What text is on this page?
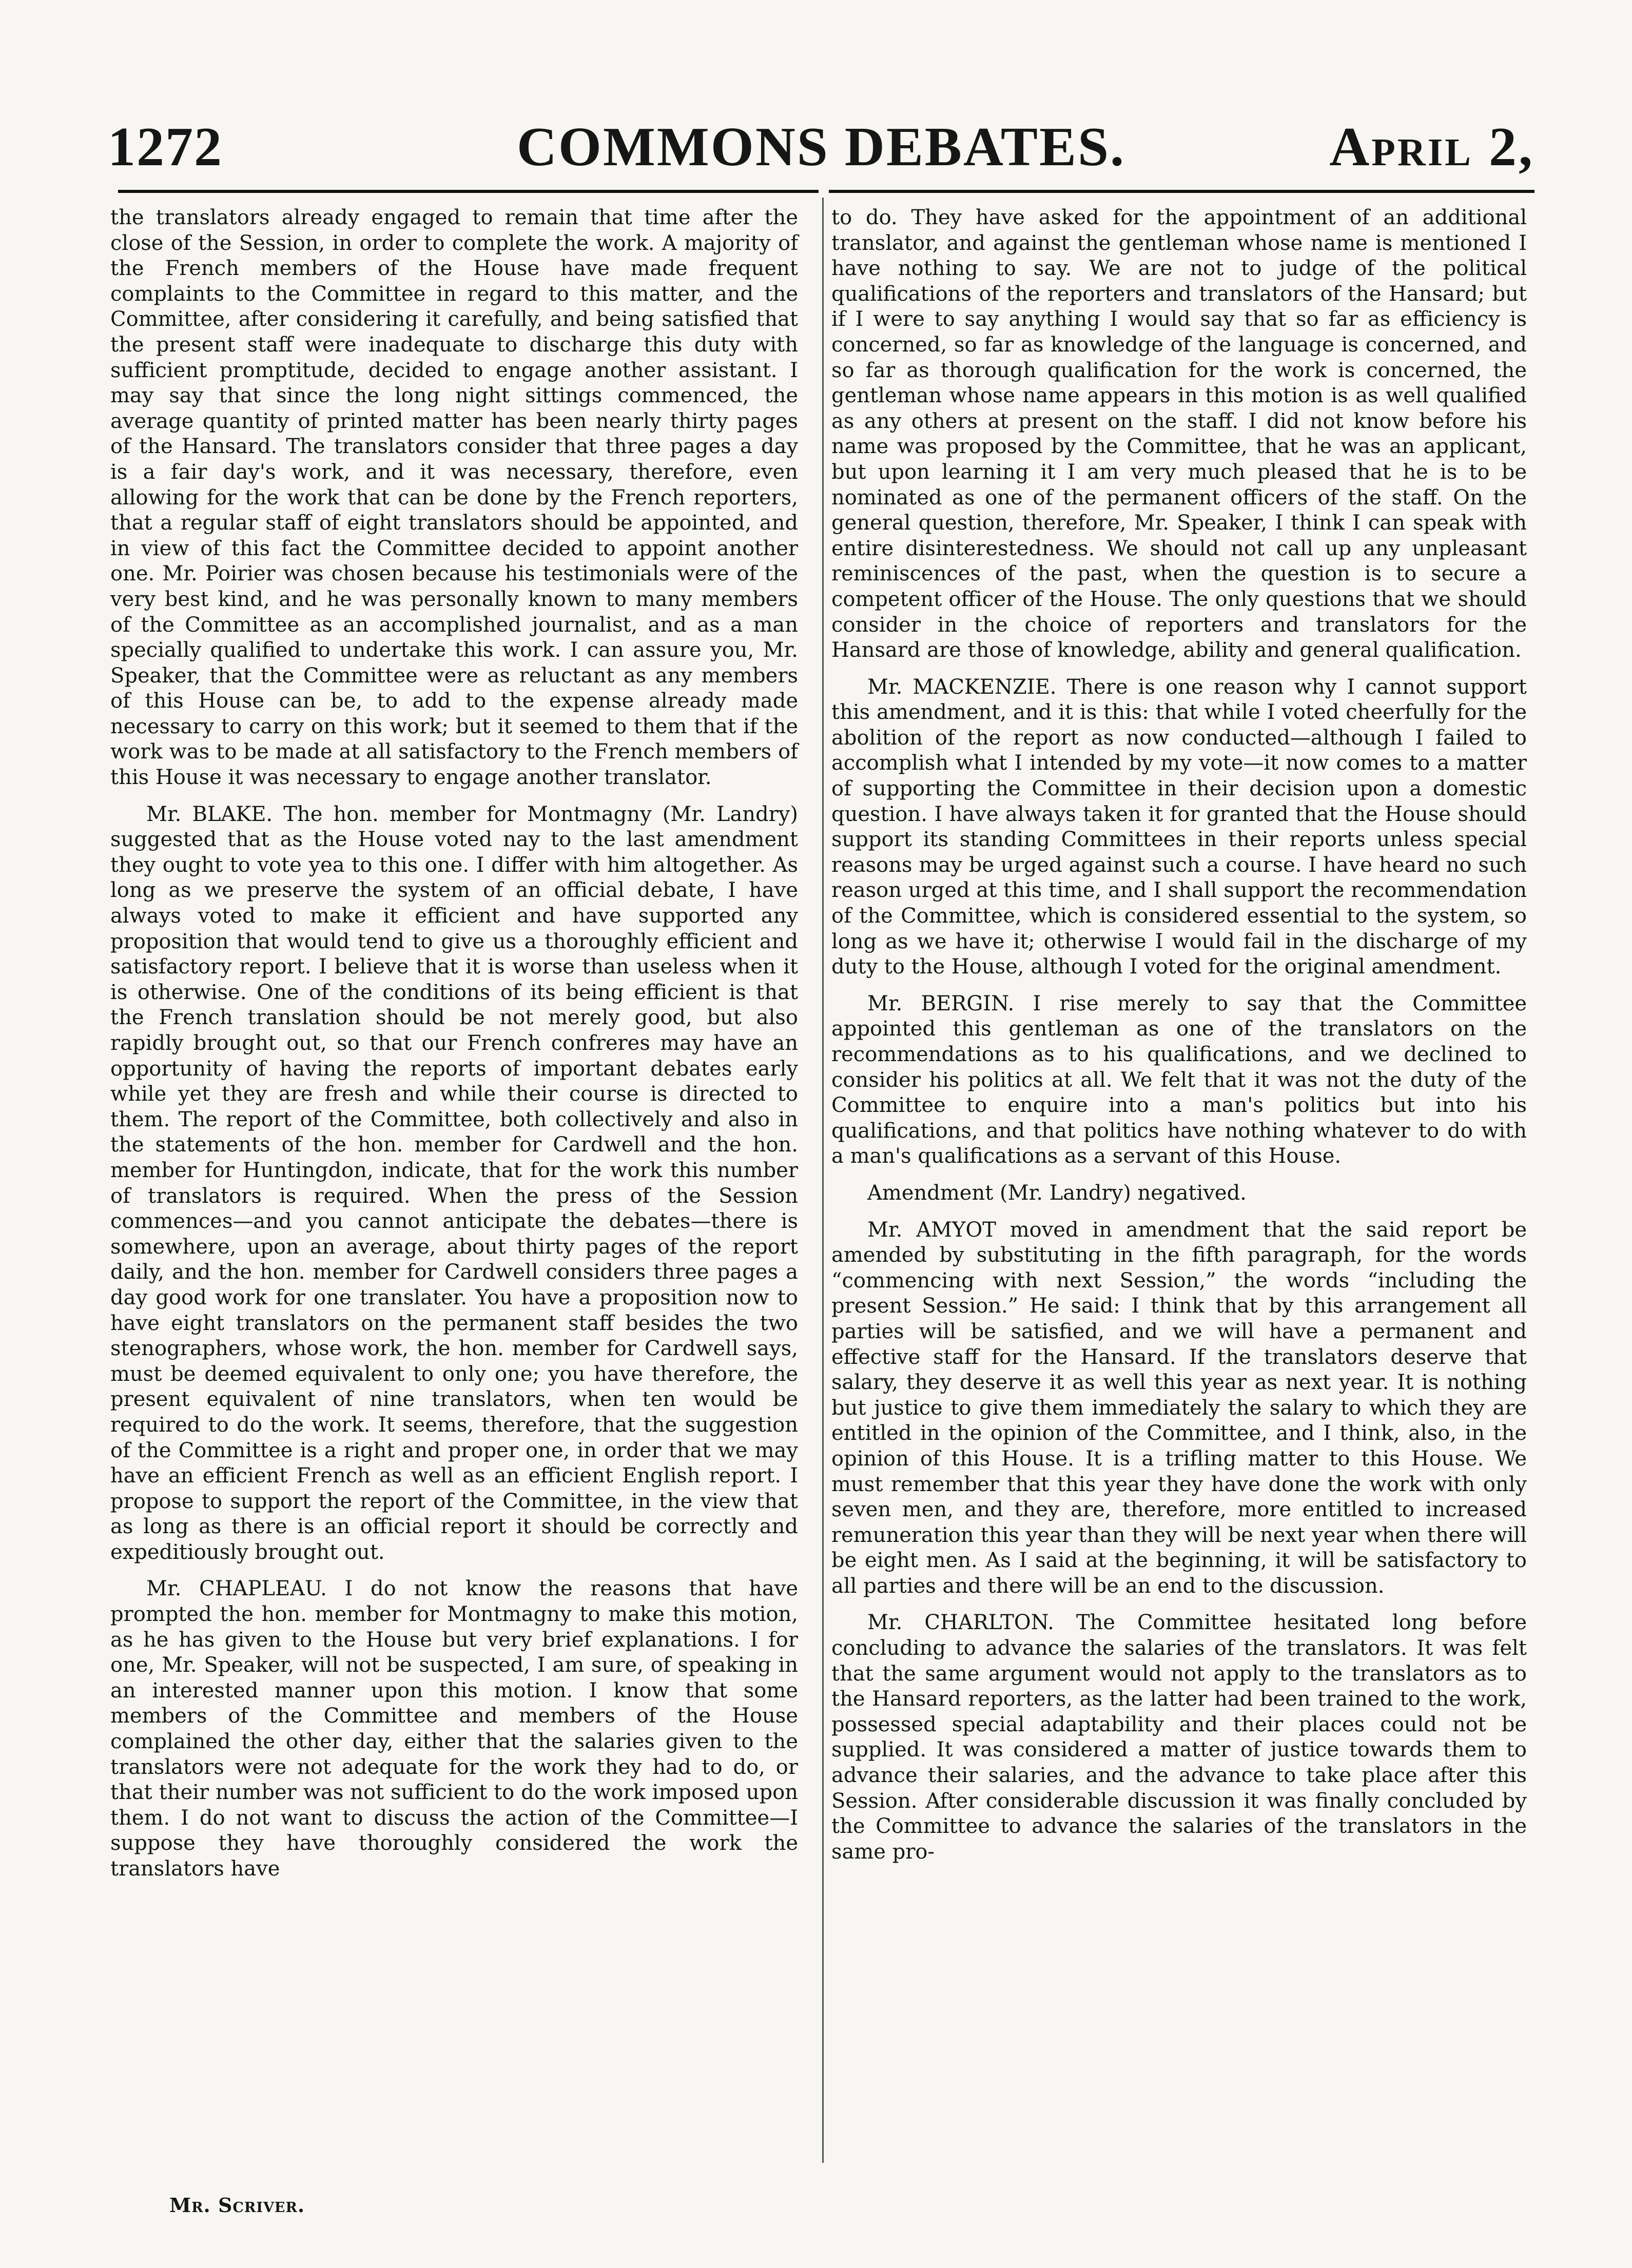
1272	COMMONS DEBATES.	April 2,

the translators already engaged to remain that time after the close of the Session, in order to complete the work. A majority of the French members of the House have made frequent complaints to the Committee in regard to this matter, and the Committee, after considering it carefully, and being satisfied that the present staff were inadequate to discharge this duty with sufficient promptitude, decided to engage another assistant. I may say that since the long night sittings commenced, the average quantity of printed matter has been nearly thirty pages of the Hansard. The translators consider that three pages a day is a fair day's work, and it was necessary, therefore, even allowing for the work that can be done by the French reporters, that a regular staff of eight translators should be appointed, and in view of this fact the Committee decided to appoint another one. Mr. Poirier was chosen because his testimonials were of the very best kind, and he was personally known to many members of the Committee as an accomplished journalist, and as a man specially qualified to undertake this work. I can assure you, Mr. Speaker, that the Committee were as reluctant as any members of this House can be, to add to the expense already made necessary to carry on this work; but it seemed to them that if the work was to be made at all satisfactory to the French members of this House it was necessary to engage another translator.

Mr. BLAKE. The hon. member for Montmagny (Mr. Landry) suggested that as the House voted nay to the last amendment they ought to vote yea to this one. I differ with him altogether. As long as we preserve the system of an official debate, I have always voted to make it efficient and have supported any proposition that would tend to give us a thoroughly efficient and satisfactory report. I believe that it is worse than useless when it is otherwise. One of the conditions of its being efficient is that the French translation should be not merely good, but also rapidly brought out, so that our French confreres may have an opportunity of having the reports of important debates early while yet they are fresh and while their course is directed to them. The report of the Committee, both collectively and also in the statements of the hon. member for Cardwell and the hon. member for Huntingdon, indicate, that for the work this number of translators is required. When the press of the Session commences—and you cannot anticipate the debates—there is somewhere, upon an average, about thirty pages of the report daily, and the hon. member for Cardwell considers three pages a day good work for one translater. You have a proposition now to have eight translators on the permanent staff besides the two stenographers, whose work, the hon. member for Cardwell says, must be deemed equivalent to only one; you have therefore, the present equivalent of nine translators, when ten would be required to do the work. It seems, therefore, that the suggestion of the Committee is a right and proper one, in order that we may have an efficient French as well as an efficient English report. I propose to support the report of the Committee, in the view that as long as there is an official report it should be correctly and expeditiously brought out.

Mr. CHAPLEAU. I do not know the reasons that have prompted the hon. member for Montmagny to make this motion, as he has given to the House but very brief explanations. I for one, Mr. Speaker, will not be suspected, I am sure, of speaking in an interested manner upon this motion. I know that some members of the Committee and members of the House complained the other day, either that the salaries given to the translators were not adequate for the work they had to do, or that their number was not sufficient to do the work imposed upon them. I do not want to discuss the action of the Committee—I suppose they have thoroughly considered the work the translators have

to do. They have asked for the appointment of an additional translator, and against the gentleman whose name is mentioned I have nothing to say. We are not to judge of the political qualifications of the reporters and translators of the Hansard; but if I were to say anything I would say that so far as efficiency is concerned, so far as knowledge of the language is concerned, and so far as thorough qualification for the work is concerned, the gentleman whose name appears in this motion is as well qualified as any others at present on the staff. I did not know before his name was proposed by the Committee, that he was an applicant, but upon learning it I am very much pleased that he is to be nominated as one of the permanent officers of the staff. On the general question, therefore, Mr. Speaker, I think I can speak with entire disinterestedness. We should not call up any unpleasant reminiscences of the past, when the question is to secure a competent officer of the House. The only questions that we should consider in the choice of reporters and translators for the Hansard are those of knowledge, ability and general qualification.

Mr. MACKENZIE. There is one reason why I cannot support this amendment, and it is this: that while I voted cheerfully for the abolition of the report as now conducted—although I failed to accomplish what I intended by my vote—it now comes to a matter of supporting the Committee in their decision upon a domestic question. I have always taken it for granted that the House should support its standing Committees in their reports unless special reasons may be urged against such a course. I have heard no such reason urged at this time, and I shall support the recommendation of the Committee, which is considered essential to the system, so long as we have it; otherwise I would fail in the discharge of my duty to the House, although I voted for the original amendment.

Mr. BERGIN. I rise merely to say that the Committee appointed this gentleman as one of the translators on the recommendations as to his qualifications, and we declined to consider his politics at all. We felt that it was not the duty of the Committee to enquire into a man's politics but into his qualifications, and that politics have nothing whatever to do with a man's qualifications as a servant of this House.

Amendment (Mr. Landry) negatived.

Mr. AMYOT moved in amendment that the said report be amended by substituting in the fifth paragraph, for the words “commencing with next Session,” the words “including the present Session.” He said: I think that by this arrangement all parties will be satisfied, and we will have a permanent and effective staff for the Hansard. If the translators deserve that salary, they deserve it as well this year as next year. It is nothing but justice to give them immediately the salary to which they are entitled in the opinion of the Committee, and I think, also, in the opinion of this House. It is a trifling matter to this House. We must remember that this year they have done the work with only seven men, and they are, therefore, more entitled to increased remuneration this year than they will be next year when there will be eight men. As I said at the beginning, it will be satisfactory to all parties and there will be an end to the discussion.

Mr. CHARLTON. The Committee hesitated long before concluding to advance the salaries of the translators. It was felt that the same argument would not apply to the translators as to the Hansard reporters, as the latter had been trained to the work, possessed special adaptability and their places could not be supplied. It was considered a matter of justice towards them to advance their salaries, and the advance to take place after this Session. After considerable discussion it was finally concluded by the Committee to advance the salaries of the translators in the same pro-

Mr. Scriver.
